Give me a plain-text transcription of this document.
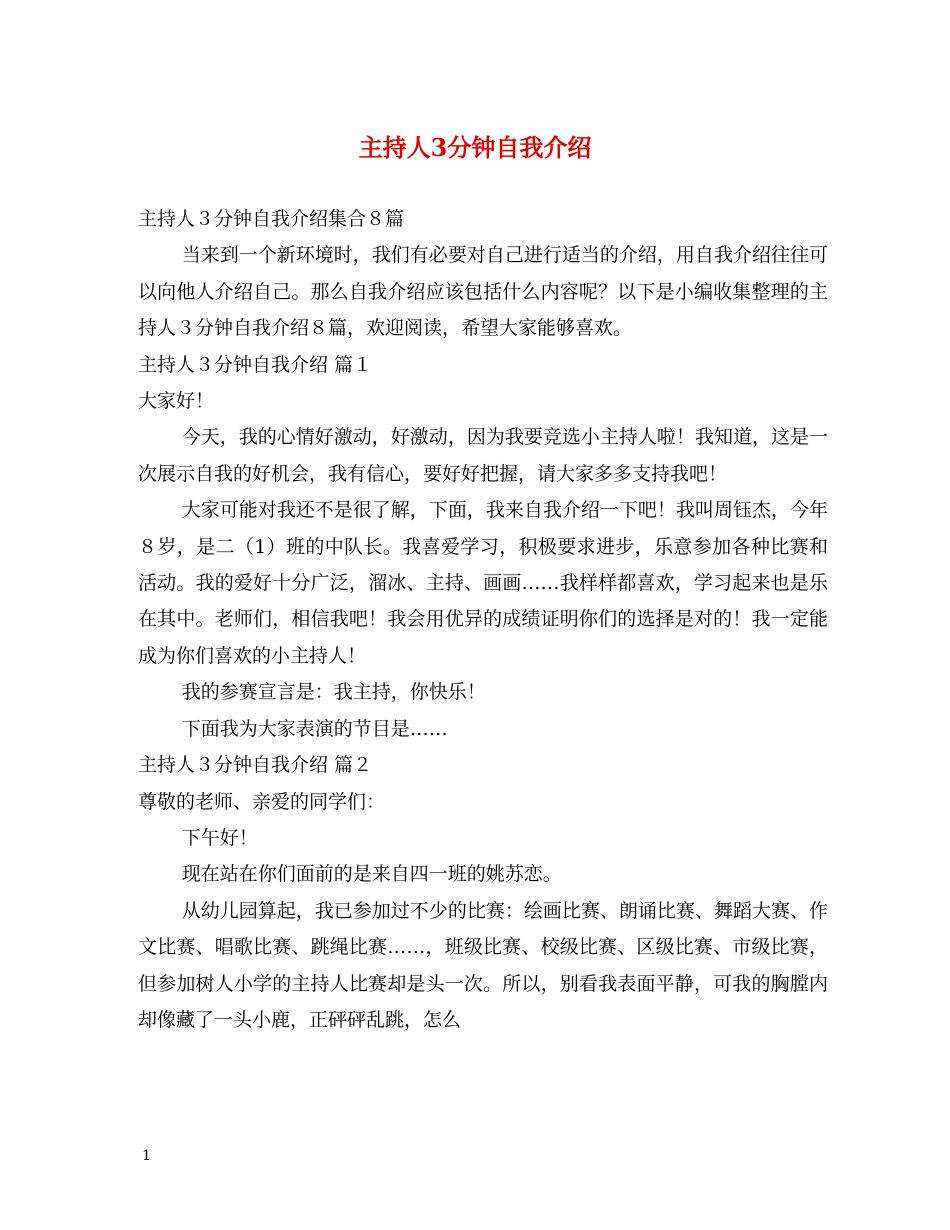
主持人3分钟自我介绍

主持人３分钟自我介绍集合８篇

当来到一个新环境时，我们有必要对自己进行适当的介绍，用自我介绍往往可以向他人介绍自己。那么自我介绍应该包括什么内容呢？以下是小编收集整理的主持人３分钟自我介绍８篇，欢迎阅读，希望大家能够喜欢。

主持人３分钟自我介绍 篇１

大家好！

今天，我的心情好激动，好激动，因为我要竞选小主持人啦！我知道，这是一次展示自我的好机会，我有信心，要好好把握，请大家多多支持我吧！

大家可能对我还不是很了解，下面，我来自我介绍一下吧！我叫周钰杰，今年８岁，是二（1）班的中队长。我喜爱学习，积极要求进步，乐意参加各种比赛和活动。我的爱好十分广泛，溜冰、主持、画画……我样样都喜欢，学习起来也是乐在其中。老师们，相信我吧！我会用优异的成绩证明你们的选择是对的！我一定能成为你们喜欢的小主持人！

我的参赛宣言是：我主持，你快乐！

下面我为大家表演的节目是……

主持人３分钟自我介绍 篇２

尊敬的老师、亲爱的同学们：

下午好！

现在站在你们面前的是来自四一班的姚苏恋。

从幼儿园算起，我已参加过不少的比赛：绘画比赛、朗诵比赛、舞蹈大赛、作文比赛、唱歌比赛、跳绳比赛……，班级比赛、校级比赛、区级比赛、市级比赛，但参加树人小学的主持人比赛却是头一次。所以，别看我表面平静，可我的胸膛内却像藏了一头小鹿，正砰砰乱跳，怎么

1
